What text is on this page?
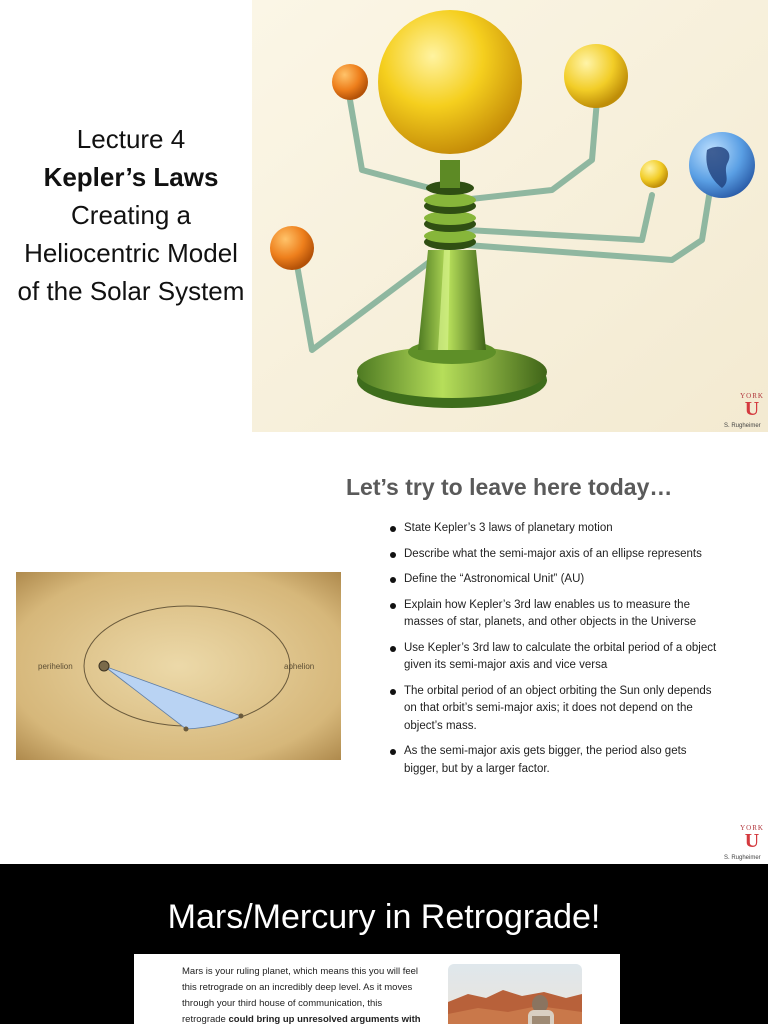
Lecture 4
Kepler’s Laws
Creating a
Heliocentric Model
of the Solar System
YORK
U
S. Rugheimer
Let’s try to leave here today…
perihelion	aphelion
State Kepler’s 3 laws of planetary motion
Describe what the semi-major axis of an ellipse represents
Define the “Astronomical Unit” (AU)
Explain how Kepler’s 3rd law enables us to measure the masses of star, planets, and other objects in the Universe
Use Kepler’s 3rd law to calculate the orbital period of a object given its semi-major axis and vice versa
The orbital period of an object orbiting the Sun only depends on that orbit’s semi-major axis; it does not depend on the object’s mass.
As the semi-major axis gets bigger, the period also gets bigger, but by a larger factor.
YORK
U
S. Rugheimer
Mars/Mercury in Retrograde!
Mars is your ruling planet, which means this you will feel
this retrograde on an incredibly deep level. As it moves
through your third house of communication, this
retrograde could bring up unresolved arguments with
